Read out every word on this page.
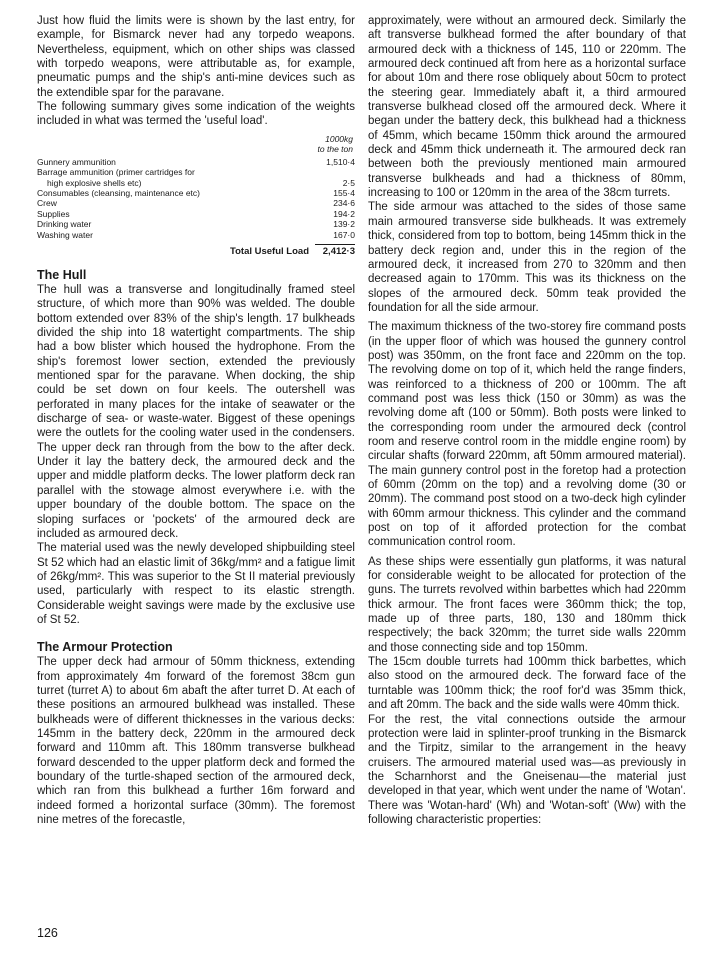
Just how fluid the limits were is shown by the last entry, for example, for Bismarck never had any torpedo weapons. Nevertheless, equipment, which on other ships was classed with torpedo weapons, were attributable as, for example, pneumatic pumps and the ship's anti-mine devices such as the extendible spar for the paravane.

The following summary gives some indication of the weights included in what was termed the 'useful load'.

1000kg
to the ton
Gunnery ammunition	1,510·4
Barrage ammunition (primer cartridges for
high explosive shells etc)	2·5
Consumables (cleansing, maintenance etc)	155·4
Crew	234·6
Supplies	194·2
Drinking water	139·2
Washing water	167·0
Total Useful Load	2,412·3
The Hull

The hull was a transverse and longitudinally framed steel structure, of which more than 90% was welded. The double bottom extended over 83% of the ship's length. 17 bulkheads divided the ship into 18 watertight compartments. The ship had a bow blister which housed the hydrophone. From the ship's foremost lower section, extended the previously mentioned spar for the paravane. When docking, the ship could be set down on four keels. The outershell was perforated in many places for the intake of seawater or the discharge of sea- or waste-water. Biggest of these openings were the outlets for the cooling water used in the condensers. The upper deck ran through from the bow to the after deck. Under it lay the battery deck, the armoured deck and the upper and middle platform decks. The lower platform deck ran parallel with the stowage almost everywhere i.e. with the upper boundary of the double bottom. The space on the sloping surfaces or 'pockets' of the armoured deck are included as armoured deck.

The material used was the newly developed shipbuilding steel St 52 which had an elastic limit of 36kg/mm² and a fatigue limit of 26kg/mm². This was superior to the St II material previously used, particularly with respect to its elastic strength. Considerable weight savings were made by the exclusive use of St 52.

The Armour Protection

The upper deck had armour of 50mm thickness, extending from approximately 4m forward of the foremost 38cm gun turret (turret A) to about 6m abaft the after turret D. At each of these positions an armoured bulkhead was installed. These bulkheads were of different thicknesses in the various decks: 145mm in the battery deck, 220mm in the armoured deck forward and 110mm aft. This 180mm transverse bulkhead forward descended to the upper platform deck and formed the boundary of the turtle-shaped section of the armoured deck, which ran from this bulkhead a further 16m forward and indeed formed a horizontal surface (30mm). The foremost nine metres of the forecastle,

approximately, were without an armoured deck. Similarly the aft transverse bulkhead formed the after boundary of that armoured deck with a thickness of 145, 110 or 220mm. The armoured deck continued aft from here as a horizontal surface for about 10m and there rose obliquely about 50cm to protect the steering gear. Immediately abaft it, a third armoured transverse bulkhead closed off the armoured deck. Where it began under the battery deck, this bulkhead had a thickness of 45mm, which became 150mm thick around the armoured deck and 45mm thick underneath it. The armoured deck ran between both the previously mentioned main armoured transverse bulkheads and had a thickness of 80mm, increasing to 100 or 120mm in the area of the 38cm turrets.

The side armour was attached to the sides of those same main armoured transverse side bulkheads. It was extremely thick, considered from top to bottom, being 145mm thick in the battery deck region and, under this in the region of the armoured deck, it increased from 270 to 320mm and then decreased again to 170mm. This was its thickness on the slopes of the armoured deck. 50mm teak provided the foundation for all the side armour.

The maximum thickness of the two-storey fire command posts (in the upper floor of which was housed the gunnery control post) was 350mm, on the front face and 220mm on the top. The revolving dome on top of it, which held the range finders, was reinforced to a thickness of 200 or 100mm. The aft command post was less thick (150 or 30mm) as was the revolving dome aft (100 or 50mm). Both posts were linked to the corresponding room under the armoured deck (control room and reserve control room in the middle engine room) by circular shafts (forward 220mm, aft 50mm armoured material). The main gunnery control post in the foretop had a protection of 60mm (20mm on the top) and a revolving dome (30 or 20mm). The command post stood on a two-deck high cylinder with 60mm armour thickness. This cylinder and the command post on top of it afforded protection for the combat communication control room.

As these ships were essentially gun platforms, it was natural for considerable weight to be allocated for protection of the guns. The turrets revolved within barbettes which had 220mm thick armour. The front faces were 360mm thick; the top, made up of three parts, 180, 130 and 180mm thick respectively; the back 320mm; the turret side walls 220mm and those connecting side and top 150mm.

The 15cm double turrets had 100mm thick barbettes, which also stood on the armoured deck. The forward face of the turntable was 100mm thick; the roof for'd was 35mm thick, and aft 20mm. The back and the side walls were 40mm thick.

For the rest, the vital connections outside the armour protection were laid in splinter-proof trunking in the Bismarck and the Tirpitz, similar to the arrangement in the heavy cruisers. The armoured material used was—as previously in the Scharnhorst and the Gneisenau—the material just developed in that year, which went under the name of 'Wotan'. There was 'Wotan-hard' (Wh) and 'Wotan-soft' (Ww) with the following characteristic properties:

126
